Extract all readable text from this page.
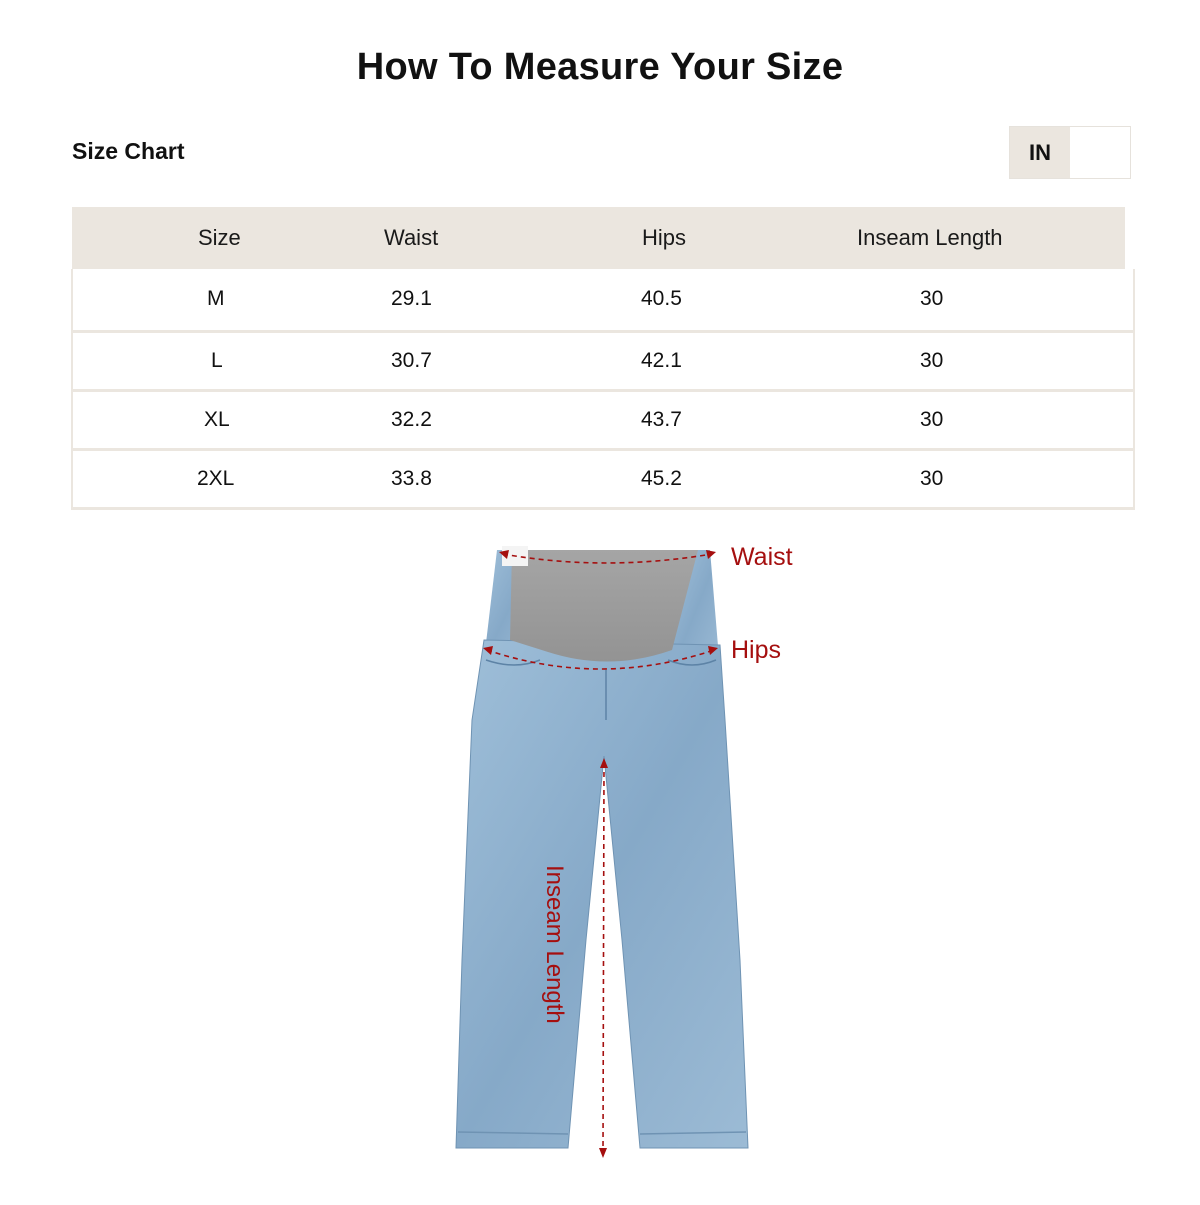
How To Measure Your Size
Size Chart	IN
Size	Waist	Hips	Inseam Length
M	29.1	40.5	30
L	30.7	42.1	30
XL	32.2	43.7	30
2XL	33.8	45.2	30
Waist
Hips
Inseam Length
